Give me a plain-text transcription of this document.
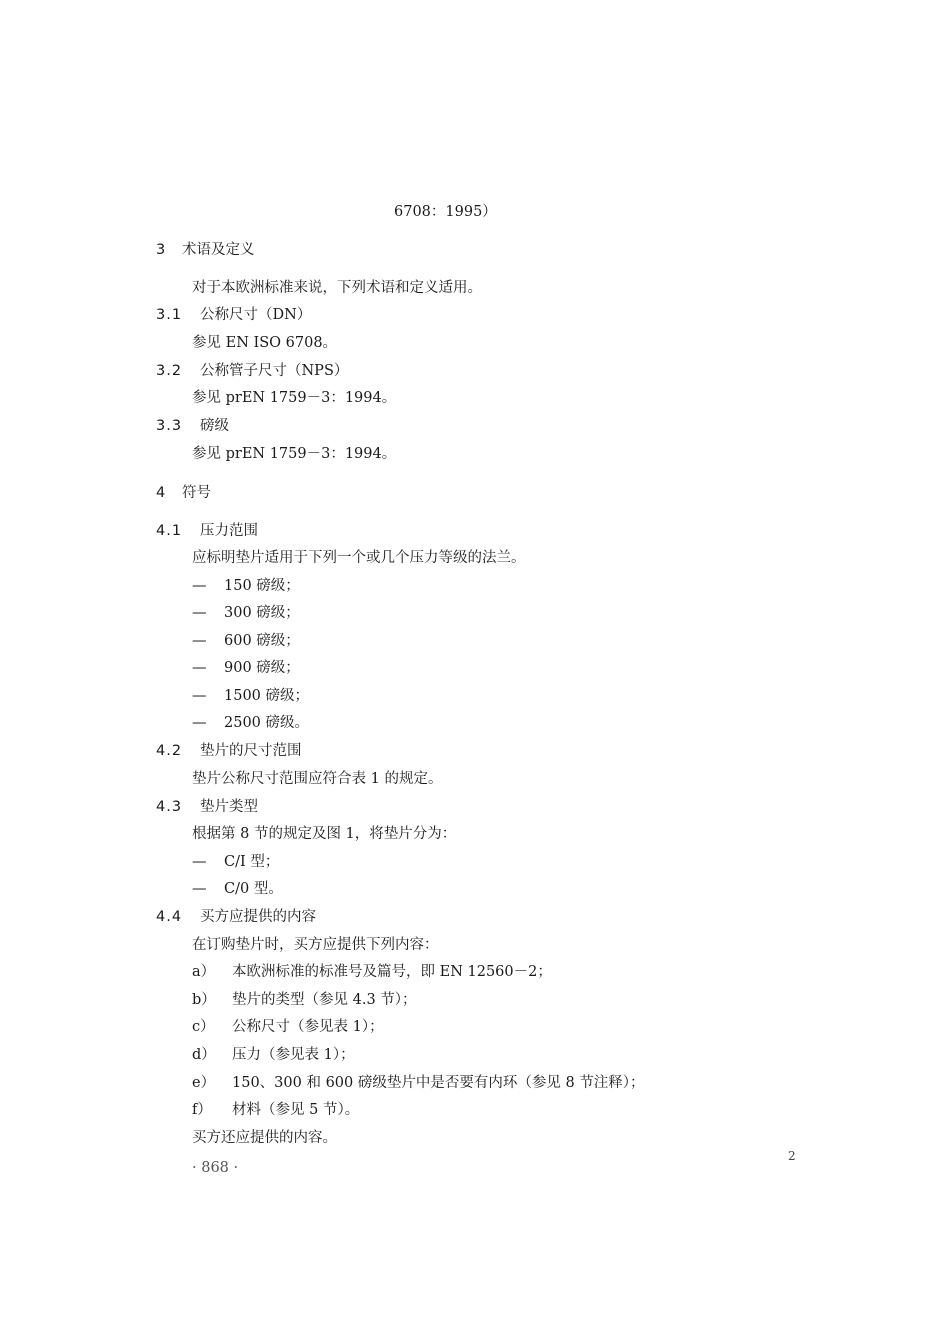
6708：1995）
3 术语及定义
对于本欧洲标准来说，下列术语和定义适用。
3.1 公称尺寸（DN）
参见 EN ISO 6708。
3.2 公称管子尺寸（NPS）
参见 prEN 1759－3：1994。
3.3 磅级
参见 prEN 1759－3：1994。
4 符号
4.1 压力范围
应标明垫片适用于下列一个或几个压力等级的法兰。
— 150 磅级；
— 300 磅级；
— 600 磅级；
— 900 磅级；
— 1500 磅级；
— 2500 磅级。
4.2 垫片的尺寸范围
垫片公称尺寸范围应符合表 1 的规定。
4.3 垫片类型
根据第 8 节的规定及图 1，将垫片分为：
— C/I 型；
— C/0 型。
4.4 买方应提供的内容
在订购垫片时，买方应提供下列内容：
a） 本欧洲标准的标准号及篇号，即 EN 12560－2；
b） 垫片的类型（参见 4.3 节）；
c） 公称尺寸（参见表 1）；
d） 压力（参见表 1）；
e） 150、300 和 600 磅级垫片中是否要有内环（参见 8 节注释）；
f） 材料（参见 5 节）。
买方还应提供的内容。
· 868 ·
2
